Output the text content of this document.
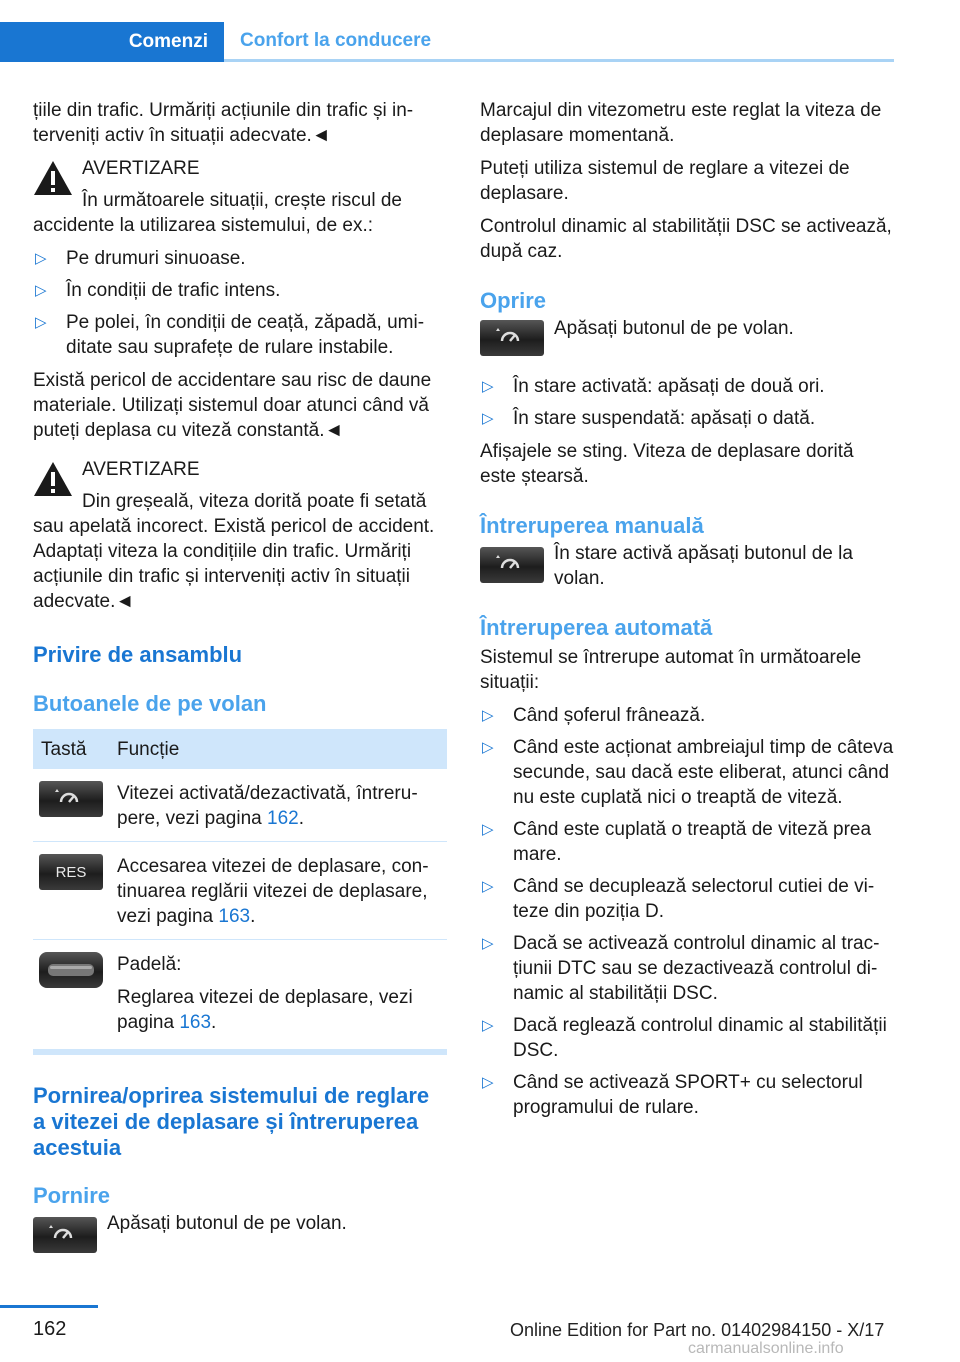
Comenzi	Confort la conducere

țiile din trafic. Urmăriți acțiunile din trafic și interveniți activ în situații adecvate.◄

AVERTIZARE

În următoarele situații, crește riscul de accidente la utilizarea sistemului, de ex.:

▷ Pe drumuri sinuoase.
▷ În condiții de trafic intens.
▷ Pe polei, în condiții de ceață, zăpadă, umiditate sau suprafețe de rulare instabile.

Există pericol de accidentare sau risc de daune materiale. Utilizați sistemul doar atunci când vă puteți deplasa cu viteză constantă.◄

AVERTIZARE

Din greșeală, viteza dorită poate fi setată sau apelată incorect. Există pericol de accident. Adaptați viteza la condițiile din trafic. Urmăriți acțiunile din trafic și interveniți activ în situații adecvate.◄

Privire de ansamblu
Butoanele de pe volan
Tastă	Funcție

	Vitezei activată/dezactivată, întrerupere, vezi pagina 162.

RES	Accesarea vitezei de deplasare, continuarea reglării vitezei de deplasare, vezi pagina 163.

Padelă:
Reglarea vitezei de deplasare, vezi pagina 163.
Pornirea/oprirea sistemului de reglare a vitezei de deplasare și întreruperea acestuia
Pornire
Apăsați butonul de pe volan.

Marcajul din vitezometru este reglat la viteza de deplasare momentană.

Puteți utiliza sistemul de reglare a vitezei de deplasare.

Controlul dinamic al stabilității DSC se activează, după caz.

Oprire
Apăsați butonul de pe volan.
▷ În stare activată: apăsați de două ori.
▷ În stare suspendată: apăsați o dată.

Afișajele se sting. Viteza de deplasare dorită este ștearsă.

Întreruperea manuală
În stare activă apăsați butonul de la volan.
Întreruperea automată

Sistemul se întrerupe automat în următoarele situații:

▷ Când șoferul frânează.
▷ Când este acționat ambreiajul timp de câteva secunde, sau dacă este eliberat, atunci când nu este cuplată nici o treaptă de viteză.
▷ Când este cuplată o treaptă de viteză prea mare.
▷ Când se decuplează selectorul cutiei de viteze din poziția D.
▷ Dacă se activează controlul dinamic al tracțiunii DTC sau se dezactivează controlul dinamic al stabilității DSC.
▷ Dacă reglează controlul dinamic al stabilității DSC.
▷ Când se activează SPORT+ cu selectorul programului de rulare.
162	Online Edition for Part no. 01402984150 - X/17
carmanualsonline.info
